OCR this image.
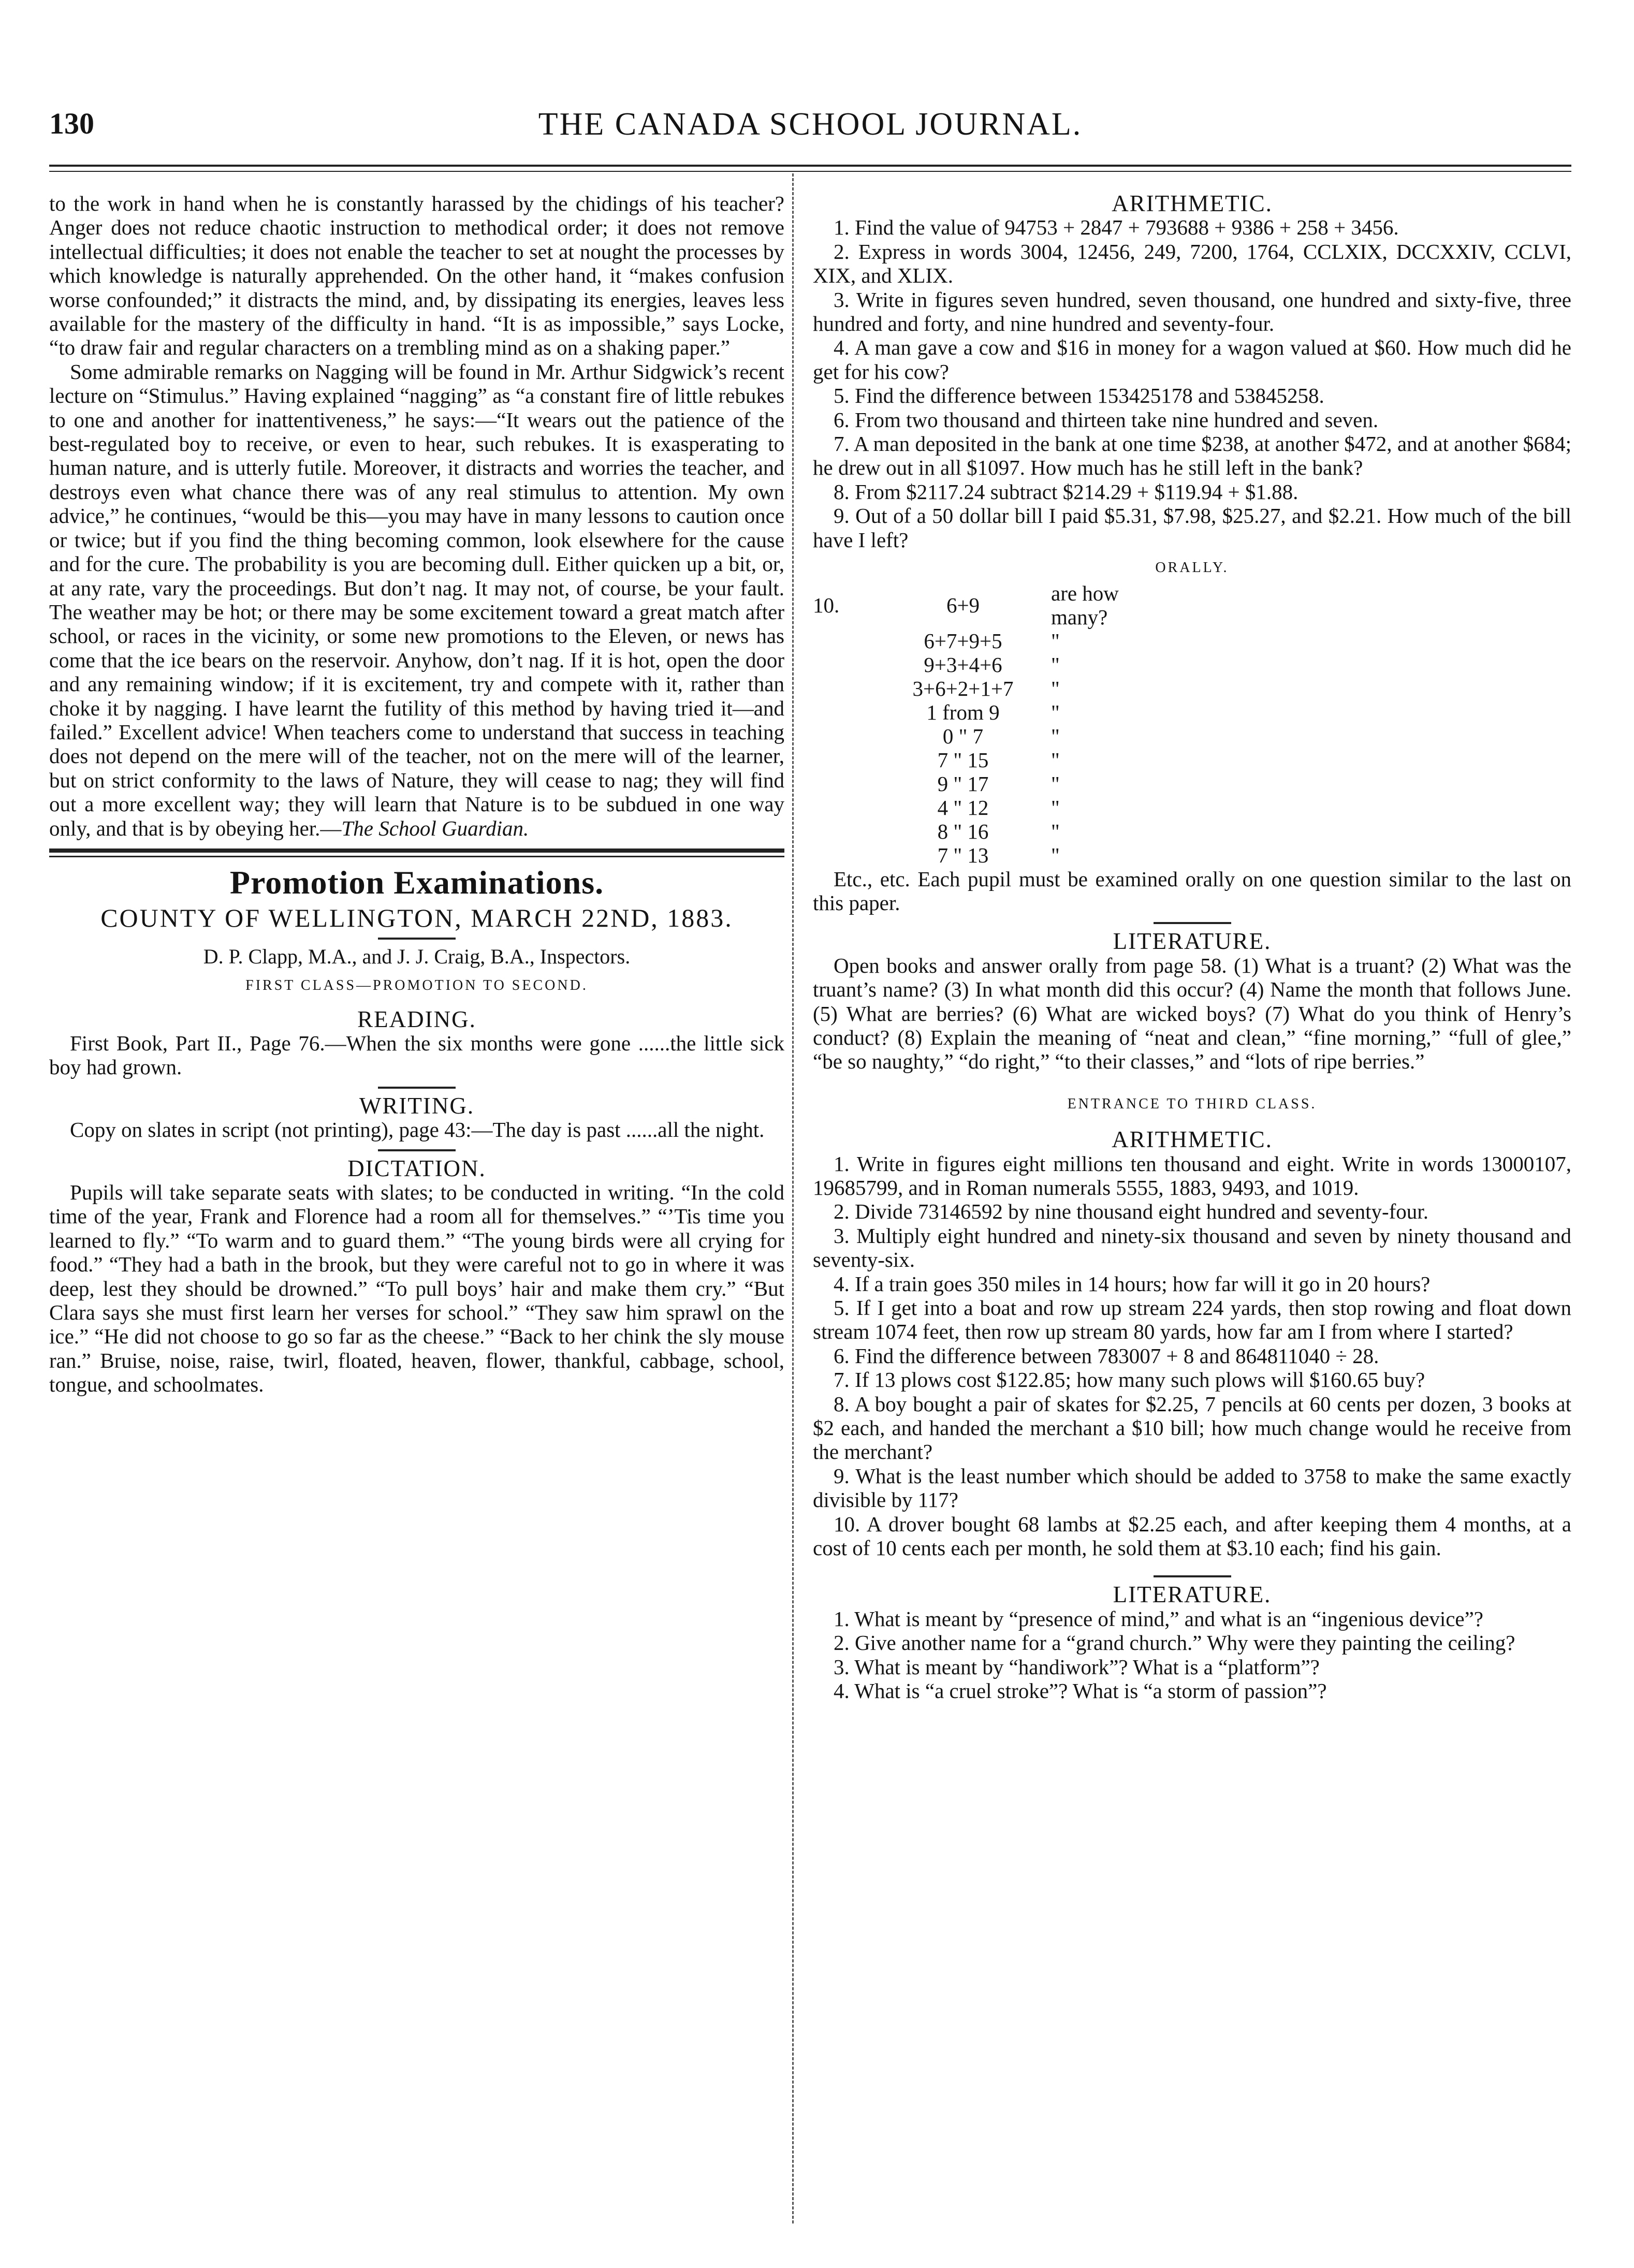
130	THE CANADA SCHOOL JOURNAL.

to the work in hand when he is constantly harassed by the chidings of his teacher? Anger does not reduce chaotic instruction to methodical order; it does not remove intellectual difficulties; it does not enable the teacher to set at nought the processes by which knowledge is naturally apprehended. On the other hand, it “makes confusion worse confounded;” it distracts the mind, and, by dissipating its energies, leaves less available for the mastery of the difficulty in hand. “It is as impossible,” says Locke, “to draw fair and regular characters on a trembling mind as on a shaking paper.”

Some admirable remarks on Nagging will be found in Mr. Arthur Sidgwick’s recent lecture on “Stimulus.” Having explained “nagging” as “a constant fire of little rebukes to one and another for inattentiveness,” he says:—“It wears out the patience of the best-regulated boy to receive, or even to hear, such rebukes. It is exasperating to human nature, and is utterly futile. Moreover, it distracts and worries the teacher, and destroys even what chance there was of any real stimulus to attention. My own advice,” he continues, “would be this—you may have in many lessons to caution once or twice; but if you find the thing becoming common, look elsewhere for the cause and for the cure. The probability is you are becoming dull. Either quicken up a bit, or, at any rate, vary the proceedings. But don’t nag. It may not, of course, be your fault. The weather may be hot; or there may be some excitement toward a great match after school, or races in the vicinity, or some new promotions to the Eleven, or news has come that the ice bears on the reservoir. Anyhow, don’t nag. If it is hot, open the door and any remaining window; if it is excitement, try and compete with it, rather than choke it by nagging. I have learnt the futility of this method by having tried it—and failed.” Excellent advice! When teachers come to understand that success in teaching does not depend on the mere will of the teacher, not on the mere will of the learner, but on strict conformity to the laws of Nature, they will cease to nag; they will find out a more excellent way; they will learn that Nature is to be subdued in one way only, and that is by obeying her.—The School Guardian.

Promotion Examinations.

COUNTY OF WELLINGTON, MARCH 22ND, 1883.

D. P. Clapp, M.A., and J. J. Craig, B.A., Inspectors.

FIRST CLASS—PROMOTION TO SECOND.

READING.

First Book, Part II., Page 76.—When the six months were gone ......the little sick boy had grown.

WRITING.

Copy on slates in script (not printing), page 43:—The day is past ......all the night.

DICTATION.

Pupils will take separate seats with slates; to be conducted in writing. “In the cold time of the year, Frank and Florence had a room all for themselves.” “’Tis time you learned to fly.” “To warm and to guard them.” “The young birds were all crying for food.” “They had a bath in the brook, but they were careful not to go in where it was deep, lest they should be drowned.” “To pull boys’ hair and make them cry.” “But Clara says she must first learn her verses for school.” “They saw him sprawl on the ice.” “He did not choose to go so far as the cheese.” “Back to her chink the sly mouse ran.” Bruise, noise, raise, twirl, floated, heaven, flower, thankful, cabbage, school, tongue, and schoolmates.

ARITHMETIC.

1. Find the value of 94753 + 2847 + 793688 + 9386 + 258 + 3456.

2. Express in words 3004, 12456, 249, 7200, 1764, CCLXIX, DCCXXIV, CCLVI, XIX, and XLIX.

3. Write in figures seven hundred, seven thousand, one hundred and sixty-five, three hundred and forty, and nine hundred and seventy-four.

4. A man gave a cow and $16 in money for a wagon valued at $60. How much did he get for his cow?

5. Find the difference between 153425178 and 53845258.

6. From two thousand and thirteen take nine hundred and seven.

7. A man deposited in the bank at one time $238, at another $472, and at another $684; he drew out in all $1097. How much has he still left in the bank?

8. From $2117.24 subtract $214.29 + $119.94 + $1.88.

9. Out of a 50 dollar bill I paid $5.31, $7.98, $25.27, and $2.21. How much of the bill have I left?

ORALLY.

10.	6+9	are how many?
	6+7+9+5	"
	9+3+4+6	"
	3+6+2+1+7	"
	1 from 9	"
	0 " 7	"
	7 " 15	"
	9 " 17	"
	4 " 12	"
	8 " 16	"
	7 " 13	"

Etc., etc. Each pupil must be examined orally on one question similar to the last on this paper.

LITERATURE.

Open books and answer orally from page 58. (1) What is a truant? (2) What was the truant’s name? (3) In what month did this occur? (4) Name the month that follows June. (5) What are berries? (6) What are wicked boys? (7) What do you think of Henry’s conduct? (8) Explain the meaning of “neat and clean,” “fine morning,” “full of glee,” “be so naughty,” “do right,” “to their classes,” and “lots of ripe berries.”

ENTRANCE TO THIRD CLASS.

ARITHMETIC.

1. Write in figures eight millions ten thousand and eight. Write in words 13000107, 19685799, and in Roman numerals 5555, 1883, 9493, and 1019.

2. Divide 73146592 by nine thousand eight hundred and seventy-four.

3. Multiply eight hundred and ninety-six thousand and seven by ninety thousand and seventy-six.

4. If a train goes 350 miles in 14 hours; how far will it go in 20 hours?

5. If I get into a boat and row up stream 224 yards, then stop rowing and float down stream 1074 feet, then row up stream 80 yards, how far am I from where I started?

6. Find the difference between 783007 + 8 and 864811040 ÷ 28.

7. If 13 plows cost $122.85; how many such plows will $160.65 buy?

8. A boy bought a pair of skates for $2.25, 7 pencils at 60 cents per dozen, 3 books at $2 each, and handed the merchant a $10 bill; how much change would he receive from the merchant?

9. What is the least number which should be added to 3758 to make the same exactly divisible by 117?

10. A drover bought 68 lambs at $2.25 each, and after keeping them 4 months, at a cost of 10 cents each per month, he sold them at $3.10 each; find his gain.

LITERATURE.

1. What is meant by “presence of mind,” and what is an “ingenious device”?

2. Give another name for a “grand church.” Why were they painting the ceiling?

3. What is meant by “handiwork”? What is a “platform”?

4. What is “a cruel stroke”? What is “a storm of passion”?
